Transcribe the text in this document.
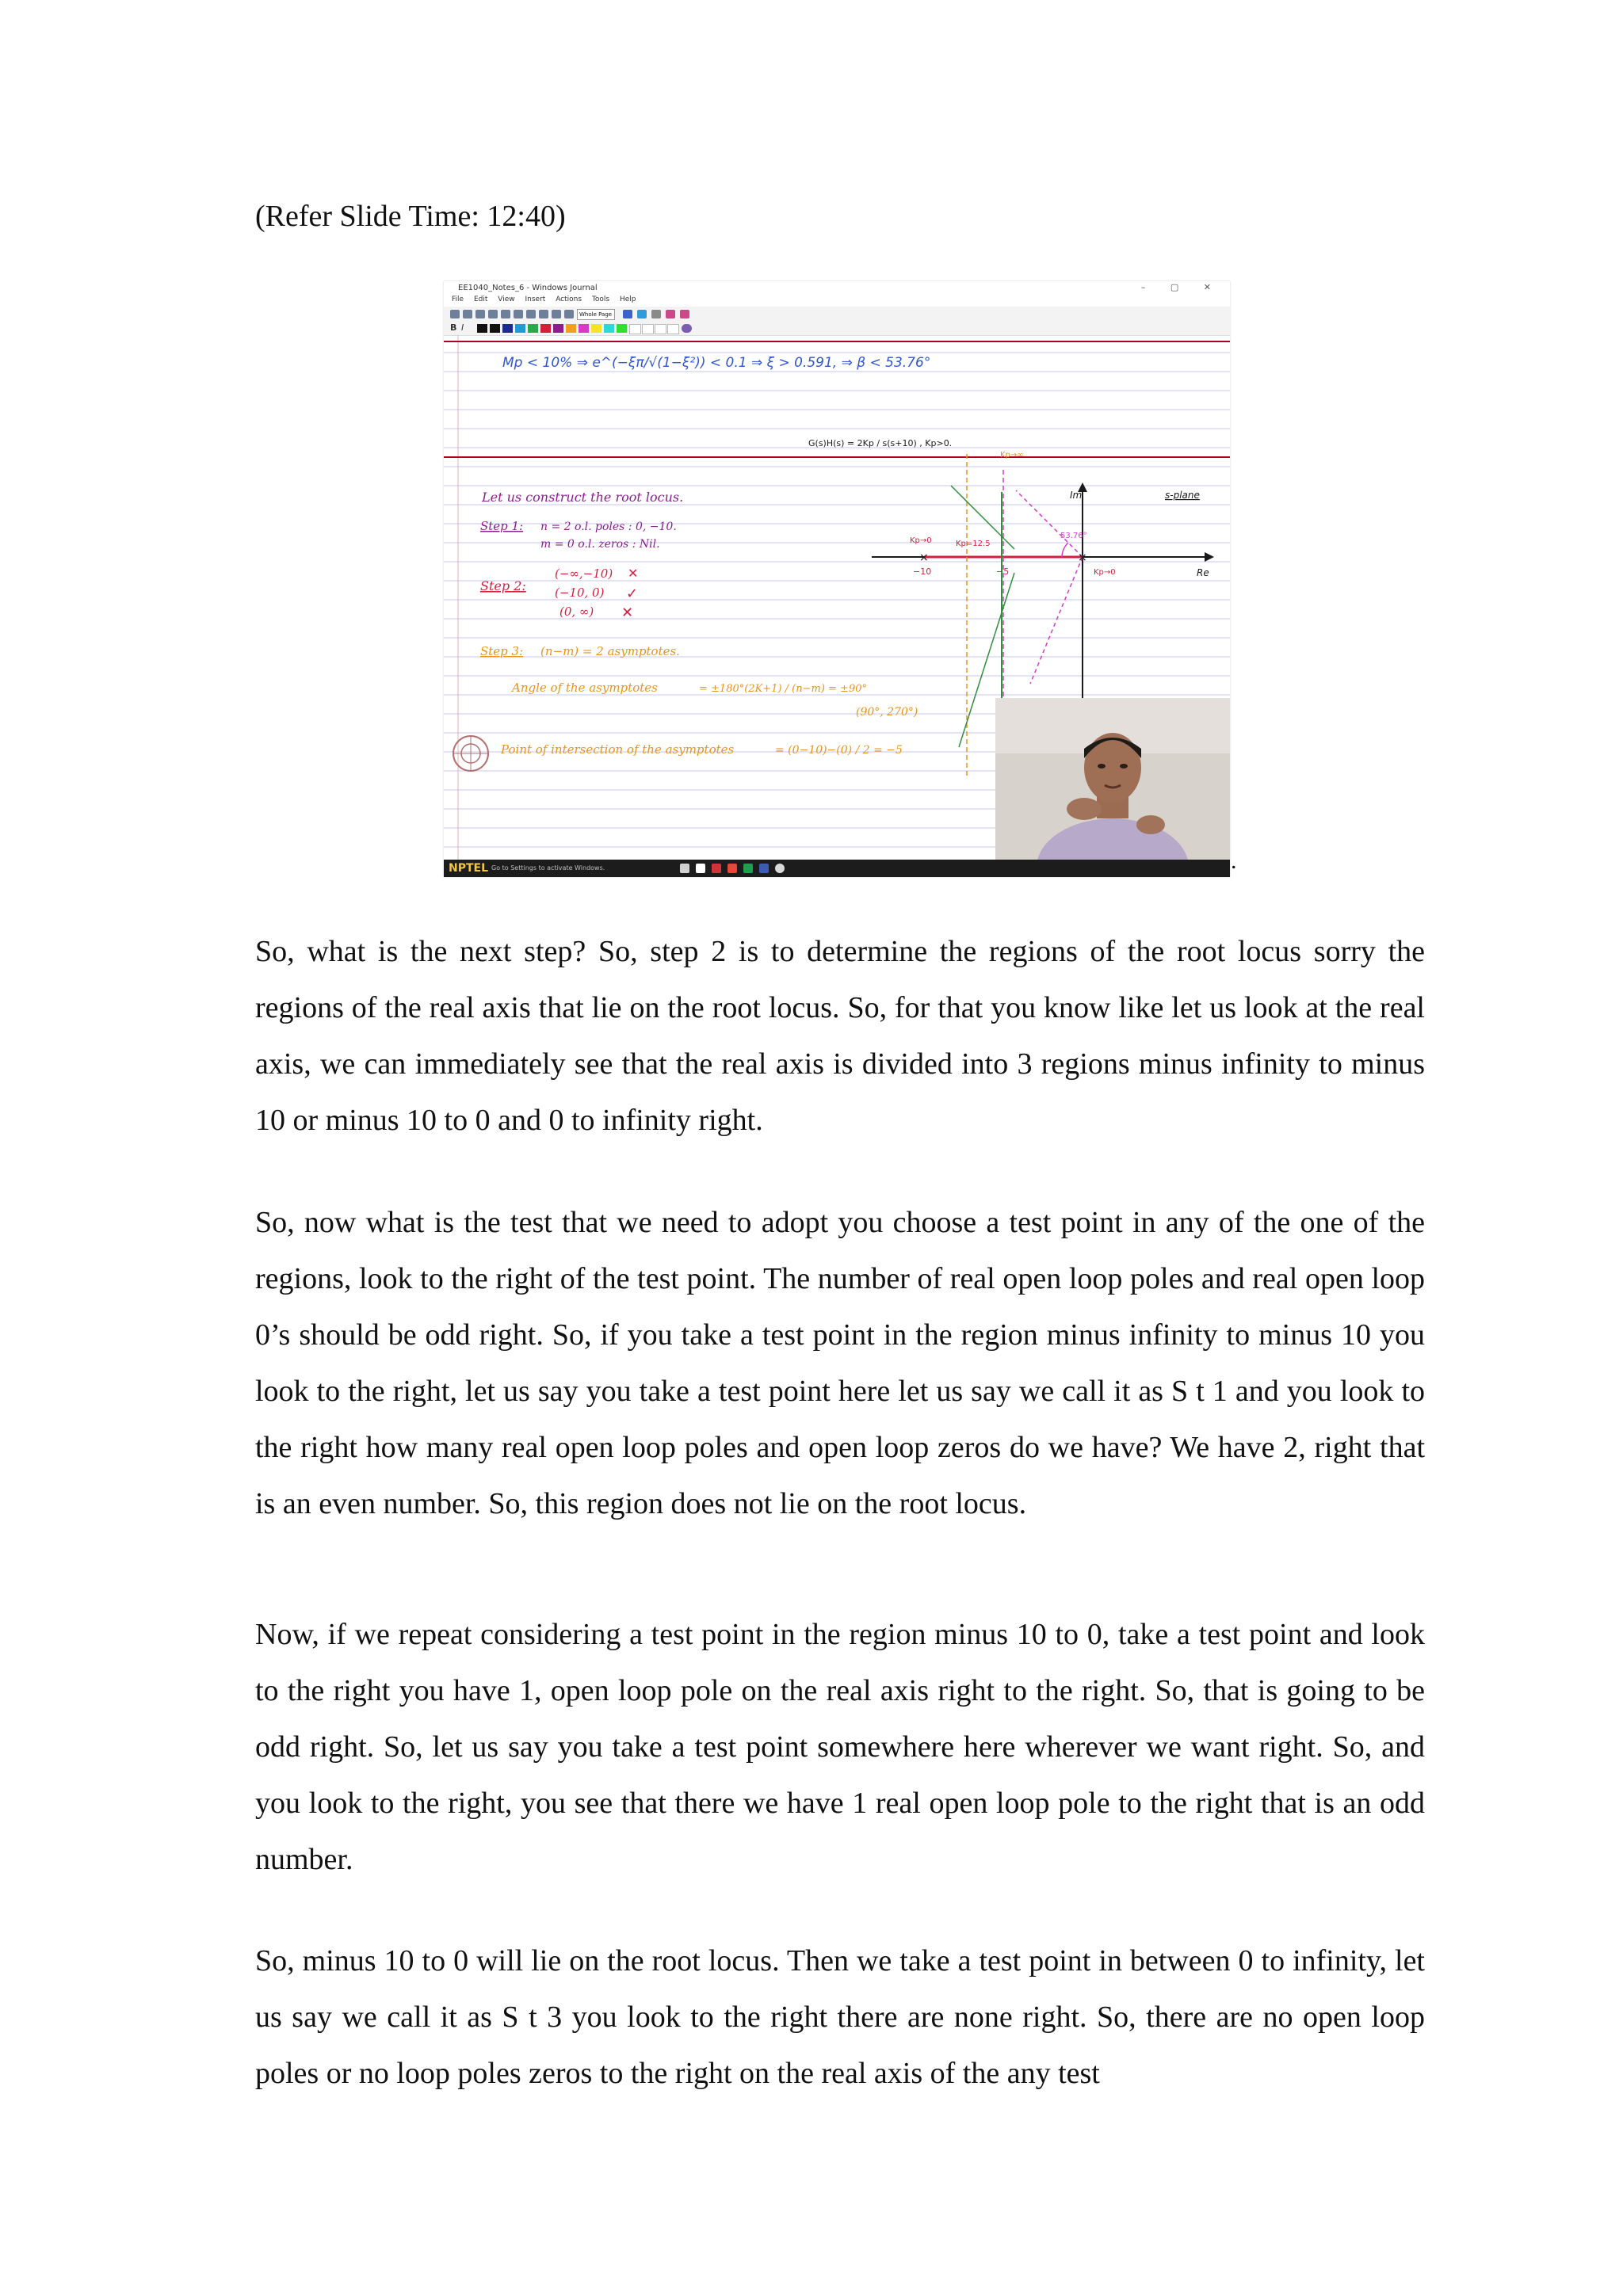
(Refer Slide Time: 12:40)
EE1040_Notes_6 - Windows Journal	– ▢ ✕
File Edit View Insert Actions Tools Help
Whole Page
B I
Mp < 10% ⇒ e^(−ξπ/√(1−ξ²)) < 0.1 ⇒ ξ > 0.591, ⇒ β < 53.76°
G(s)H(s) = 2Kp / s(s+10) , Kp>0.
Let us construct the root locus.
Step 1: n = 2 o.l. poles : 0, −10.
m = 0 o.l. zeros : Nil.
Step 2:
(−∞,−10) ✕
(−10, 0) ✓
(0, ∞) ✕
Step 3: (n−m) = 2 asymptotes.
Angle of the asymptotes	= ±180°(2K+1) / (n−m) = ±90°
(90°, 270°)
Point of intersection of the asymptotes	= (0−10)−(0) / 2 = −5
×	×
Im
Re
s-plane
Kp→∞
Kp→0
Kp→0
Kp=12.5
−10	−5
53.76°
NPTEL Go to Settings to activate Windows.	.

So, what is the next step? So, step 2 is to determine the regions of the root locus sorry the regions of the real axis that lie on the root locus. So, for that you know like let us look at the real axis, we can immediately see that the real axis is divided into 3 regions minus infinity to minus 10 or minus 10 to 0 and 0 to infinity right.

So, now what is the test that we need to adopt you choose a test point in any of the one of the regions, look to the right of the test point. The number of real open loop poles and real open loop 0’s should be odd right. So, if you take a test point in the region minus infinity to minus 10 you look to the right, let us say you take a test point here let us say we call it as S t 1 and you look to the right how many real open loop poles and open loop zeros do we have? We have 2, right that is an even number. So, this region does not lie on the root locus.

Now, if we repeat considering a test point in the region minus 10 to 0, take a test point and look to the right you have 1, open loop pole on the real axis right to the right. So, that is going to be odd right. So, let us say you take a test point somewhere here wherever we want right. So, and you look to the right, you see that there we have 1 real open loop pole to the right that is an odd number.

So, minus 10 to 0 will lie on the root locus. Then we take a test point in between 0 to infinity, let us say we call it as S t 3 you look to the right there are none right. So, there are no open loop poles or no loop poles zeros to the right on the real axis of the any test
